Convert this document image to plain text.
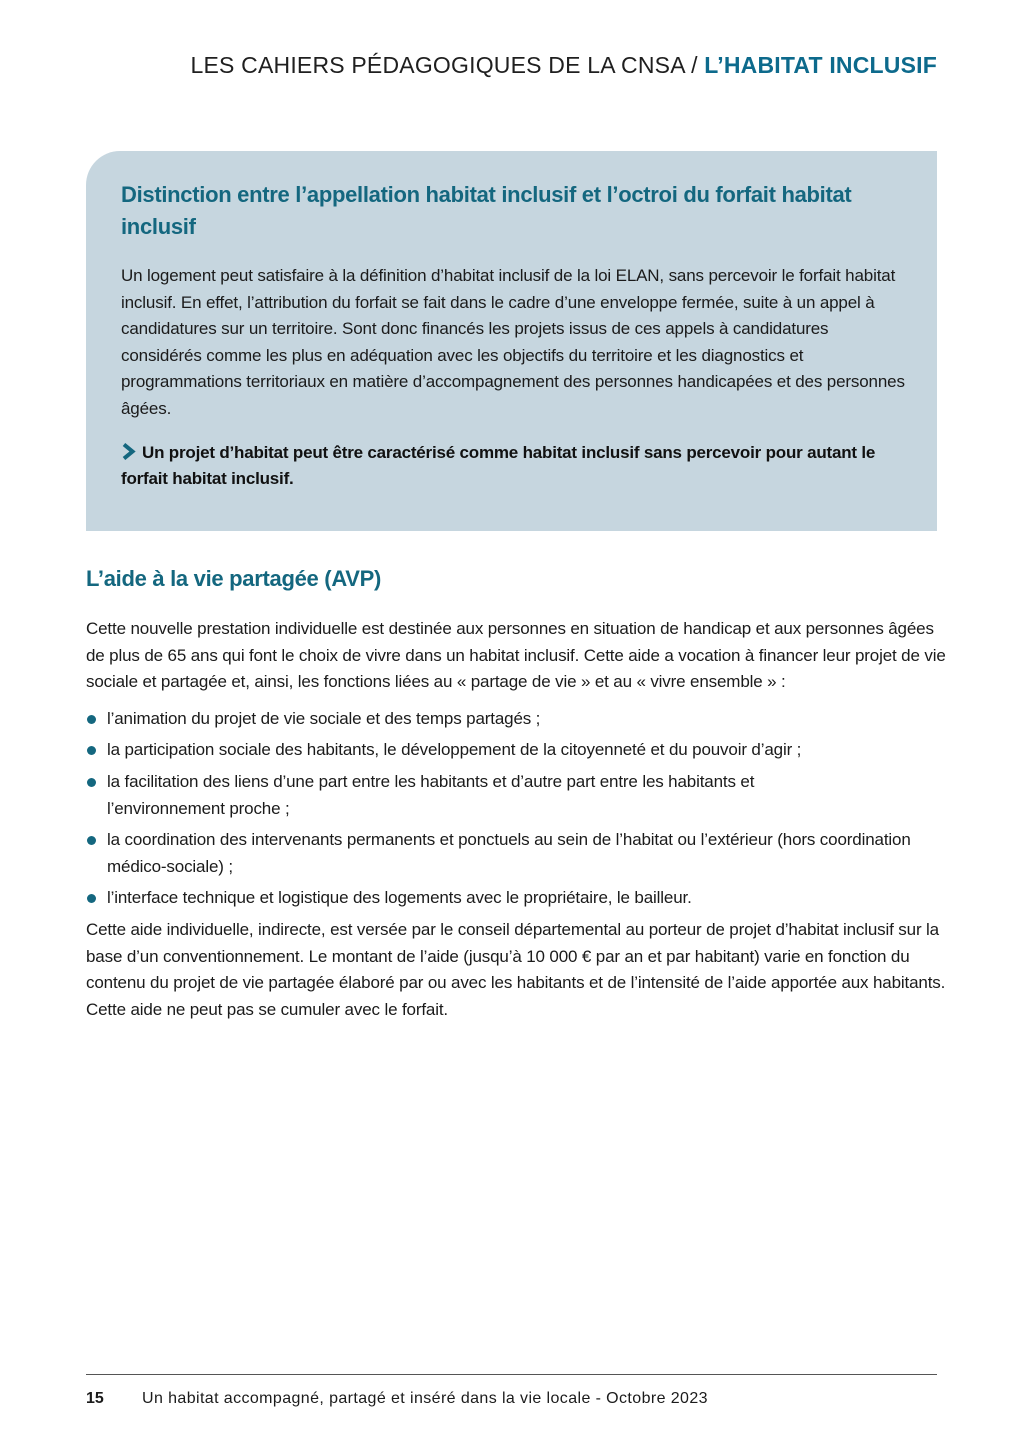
LES CAHIERS PÉDAGOGIQUES DE LA CNSA / L’HABITAT INCLUSIF
Distinction entre l’appellation habitat inclusif et l’octroi du forfait habitat inclusif

Un logement peut satisfaire à la définition d’habitat inclusif de la loi ELAN, sans percevoir le forfait habitat inclusif. En effet, l’attribution du forfait se fait dans le cadre d’une enveloppe fermée, suite à un appel à candidatures sur un territoire. Sont donc financés les projets issus de ces appels à candidatures considérés comme les plus en adéquation avec les objectifs du territoire et les diagnostics et programmations territoriaux en matière d’accompagnement des personnes handicapées et des personnes âgées.

Un projet d’habitat peut être caractérisé comme habitat inclusif sans percevoir pour autant le forfait habitat inclusif.

L’aide à la vie partagée (AVP)

Cette nouvelle prestation individuelle est destinée aux personnes en situation de handicap et aux personnes âgées de plus de 65 ans qui font le choix de vivre dans un habitat inclusif. Cette aide a vocation à financer leur projet de vie sociale et partagée et, ainsi, les fonctions liées au « partage de vie » et au « vivre ensemble » :

l’animation du projet de vie sociale et des temps partagés ;
la participation sociale des habitants, le développement de la citoyenneté et du pouvoir d’agir ;
la facilitation des liens d’une part entre les habitants et d’autre part entre les habitants et l’environnement proche ;
la coordination des intervenants permanents et ponctuels au sein de l’habitat ou l’extérieur (hors coordination médico-sociale) ;
l’interface technique et logistique des logements avec le propriétaire, le bailleur.

Cette aide individuelle, indirecte, est versée par le conseil départemental au porteur de projet d’habitat inclusif sur la base d’un conventionnement. Le montant de l’aide (jusqu’à 10 000 € par an et par habitant) varie en fonction du contenu du projet de vie partagée élaboré par ou avec les habitants et de l’intensité de l’aide apportée aux habitants. Cette aide ne peut pas se cumuler avec le forfait.

15 Un habitat accompagné, partagé et inséré dans la vie locale - Octobre 2023
